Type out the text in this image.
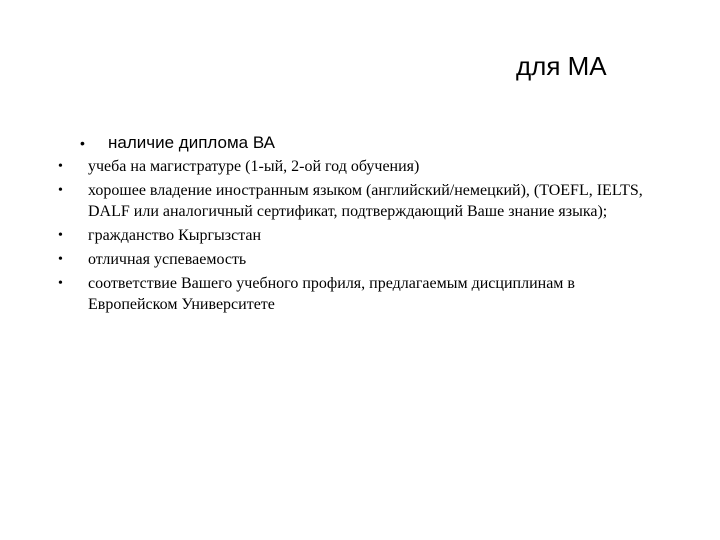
для МА
• наличие диплома ВА
•	учеба на магистратуре (1-ый, 2-ой год обучения)
•	хорошее владение иностранным языком (английский/немецкий), (TOEFL, IELTS, DALF или аналогичный сертификат, подтверждающий Ваше знание языка);
•	гражданство Кыргызстан
•	отличная успеваемость
•	соответствие Вашего учебного профиля, предлагаемым дисциплинам в Европейском Университете
